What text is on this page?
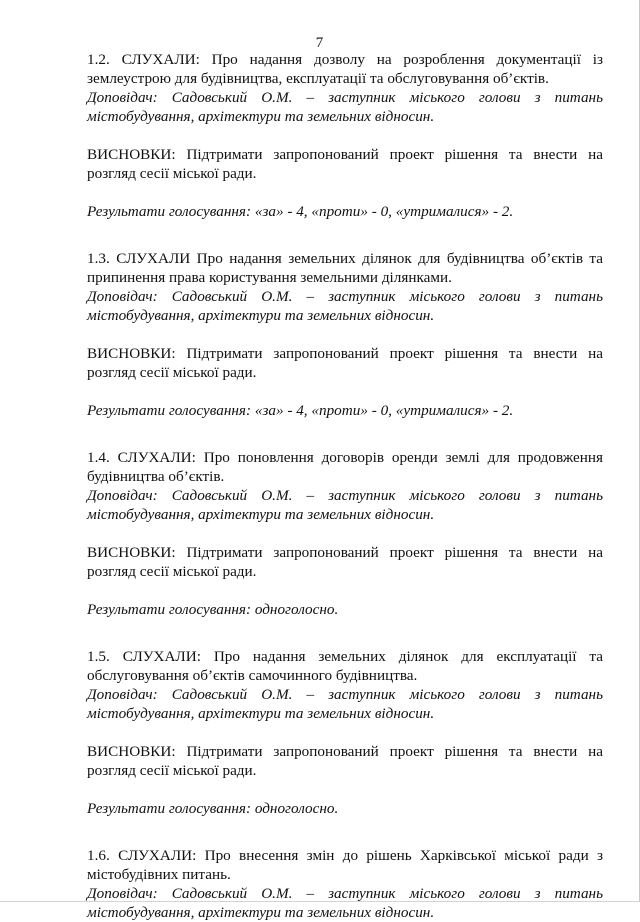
7

1.2. СЛУХАЛИ: Про надання дозволу на розроблення документації із землеустрою для будівництва, експлуатації та обслуговування об’єктів.

Доповідач: Садовський О.М. – заступник міського голови з питань містобудування, архітектури та земельних відносин.

ВИСНОВКИ: Підтримати запропонований проект рішення та внести на розгляд сесії міської ради.

Результати голосування: «за» - 4, «проти» - 0, «утрималися» - 2.

1.3. СЛУХАЛИ Про надання земельних ділянок для будівництва об’єктів та припинення права користування земельними ділянками.

Доповідач: Садовський О.М. – заступник міського голови з питань містобудування, архітектури та земельних відносин.

ВИСНОВКИ: Підтримати запропонований проект рішення та внести на розгляд сесії міської ради.

Результати голосування: «за» - 4, «проти» - 0, «утрималися» - 2.

1.4. СЛУХАЛИ: Про поновлення договорів оренди землі для продовження будівництва об’єктів.

Доповідач: Садовський О.М. – заступник міського голови з питань містобудування, архітектури та земельних відносин.

ВИСНОВКИ: Підтримати запропонований проект рішення та внести на розгляд сесії міської ради.

Результати голосування: одноголосно.

1.5. СЛУХАЛИ: Про надання земельних ділянок для експлуатації та обслуговування об’єктів самочинного будівництва.

Доповідач: Садовський О.М. – заступник міського голови з питань містобудування, архітектури та земельних відносин.

ВИСНОВКИ: Підтримати запропонований проект рішення та внести на розгляд сесії міської ради.

Результати голосування: одноголосно.

1.6. СЛУХАЛИ: Про внесення змін до рішень Харківської міської ради з містобудівних питань.

Доповідач: Садовський О.М. – заступник міського голови з питань містобудування, архітектури та земельних відносин.
